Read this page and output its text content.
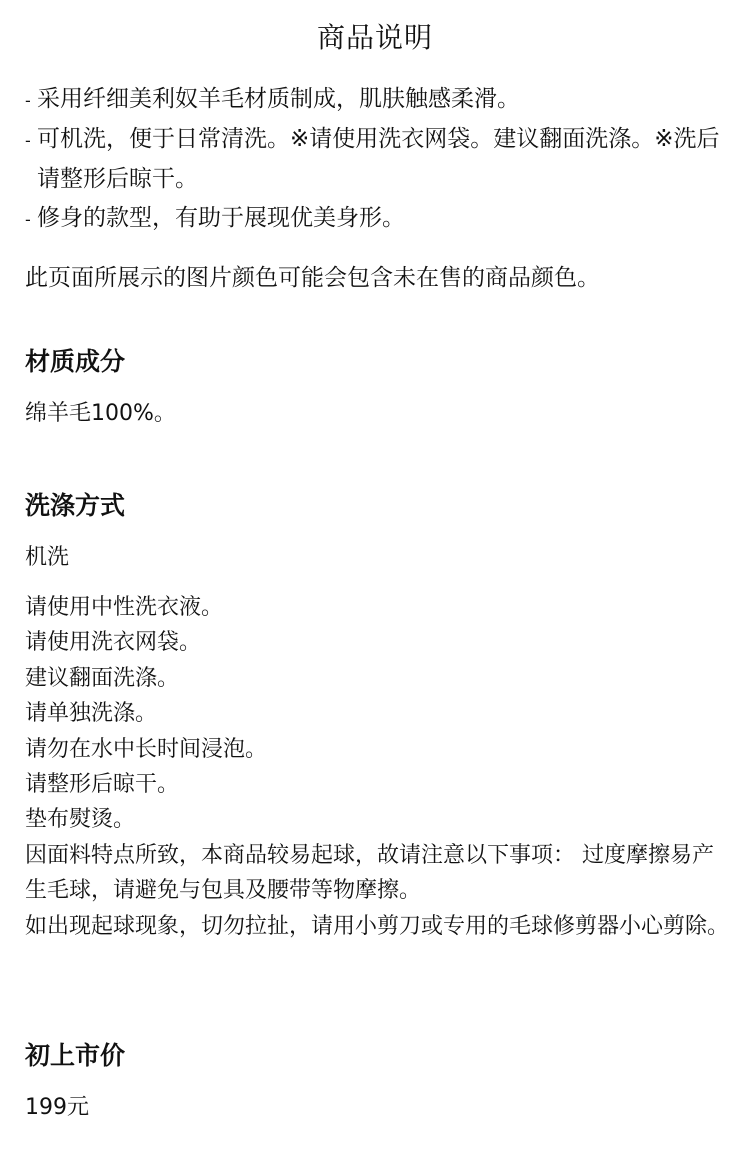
商品说明
- 采用纤细美利奴羊毛材质制成，肌肤触感柔滑。
- 可机洗，便于日常清洗。※请使用洗衣网袋。建议翻面洗涤。※洗后请整形后晾干。
- 修身的款型，有助于展现优美身形。
此页面所展示的图片颜色可能会包含未在售的商品颜色。
材质成分
绵羊毛100%。
洗涤方式
机洗
请使用中性洗衣液。
请使用洗衣网袋。
建议翻面洗涤。
请单独洗涤。
请勿在水中长时间浸泡。
请整形后晾干。
垫布熨烫。
因面料特点所致，本商品较易起球，故请注意以下事项： 过度摩擦易产生毛球，请避免与包具及腰带等物摩擦。
如出现起球现象，切勿拉扯，请用小剪刀或专用的毛球修剪器小心剪除。
初上市价
199元
